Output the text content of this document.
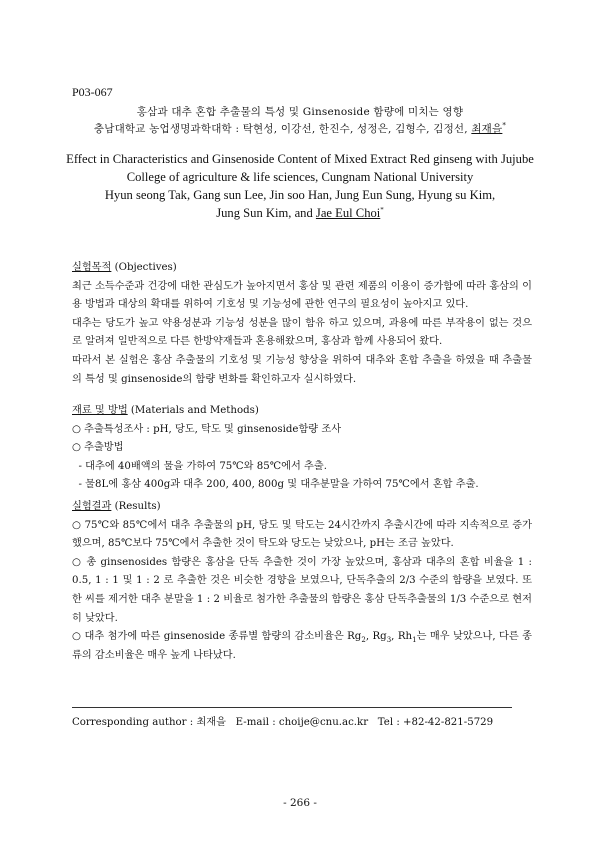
P03-067
홍삼과 대추 혼합 추출물의 특성 및 Ginsenoside 함량에 미치는 영향
충남대학교 농업생명과학대학 : 탁현성, 이강선, 한진수, 성정은, 김형수, 김정선, 최재을*
Effect in Characteristics and Ginsenoside Content of Mixed Extract Red ginseng with Jujube
College of agriculture & life sciences, Cungnam National University
Hyun seong Tak, Gang sun Lee, Jin soo Han, Jung Eun Sung, Hyung su Kim,
Jung Sun Kim, and Jae Eul Choi*
실험목적 (Objectives)
최근 소득수준과 건강에 대한 관심도가 높아지면서 홍삼 및 관련 제품의 이용이 증가함에 따라 홍삼의 이용 방법과 대상의 확대를 위하여 기호성 및 기능성에 관한 연구의 필요성이 높아지고 있다.
대추는 당도가 높고 약용성분과 기능성 성분을 많이 함유 하고 있으며, 과용에 따른 부작용이 없는 것으로 알려져 일반적으로 다른 한방약재들과 혼용해왔으며, 홍삼과 함께 사용되어 왔다.
따라서 본 실험은 홍삼 추출물의 기호성 및 기능성 향상을 위하여 대추와 혼합 추출을 하였을 때 추출물의 특성 및 ginsenoside의 함량 변화를 확인하고자 실시하였다.
재료 및 방법 (Materials and Methods)
○ 추출특성조사 : pH, 당도, 탁도 및 ginsenoside함량 조사
○ 추출방법
- 대추에 40배액의 물을 가하여 75℃와 85℃에서 추출.
- 물8L에 홍삼 400g과 대추 200, 400, 800g 및 대추분말을 가하여 75℃에서 혼합 추출.
실험결과 (Results)
○ 75℃와 85℃에서 대추 추출물의 pH, 당도 및 탁도는 24시간까지 추출시간에 따라 지속적으로 증가했으며, 85℃보다 75℃에서 추출한 것이 탁도와 당도는 낮았으나, pH는 조금 높았다.
○ 총 ginsenosides 함량은 홍삼을 단독 추출한 것이 가장 높았으며, 홍삼과 대추의 혼합 비율을 1 : 0.5, 1 : 1 및 1 : 2 로 추출한 것은 비슷한 경향을 보였으나, 단독추출의 2/3 수준의 함량을 보였다. 또한 씨를 제거한 대추 분말을 1 : 2 비율로 첨가한 추출물의 함량은 홍삼 단독추출물의 1/3 수준으로 현저히 낮았다.
○ 대추 첨가에 따른 ginsenoside 종류별 함량의 감소비율은 $Rg_2$, $Rg_3$, $Rh_1$는 매우 낮았으나, 다른 종류의 감소비율은 매우 높게 나타났다.
Corresponding author : 최재을   E-mail : choije@cnu.ac.kr   Tel : +82-42-821-5729
- 266 -
